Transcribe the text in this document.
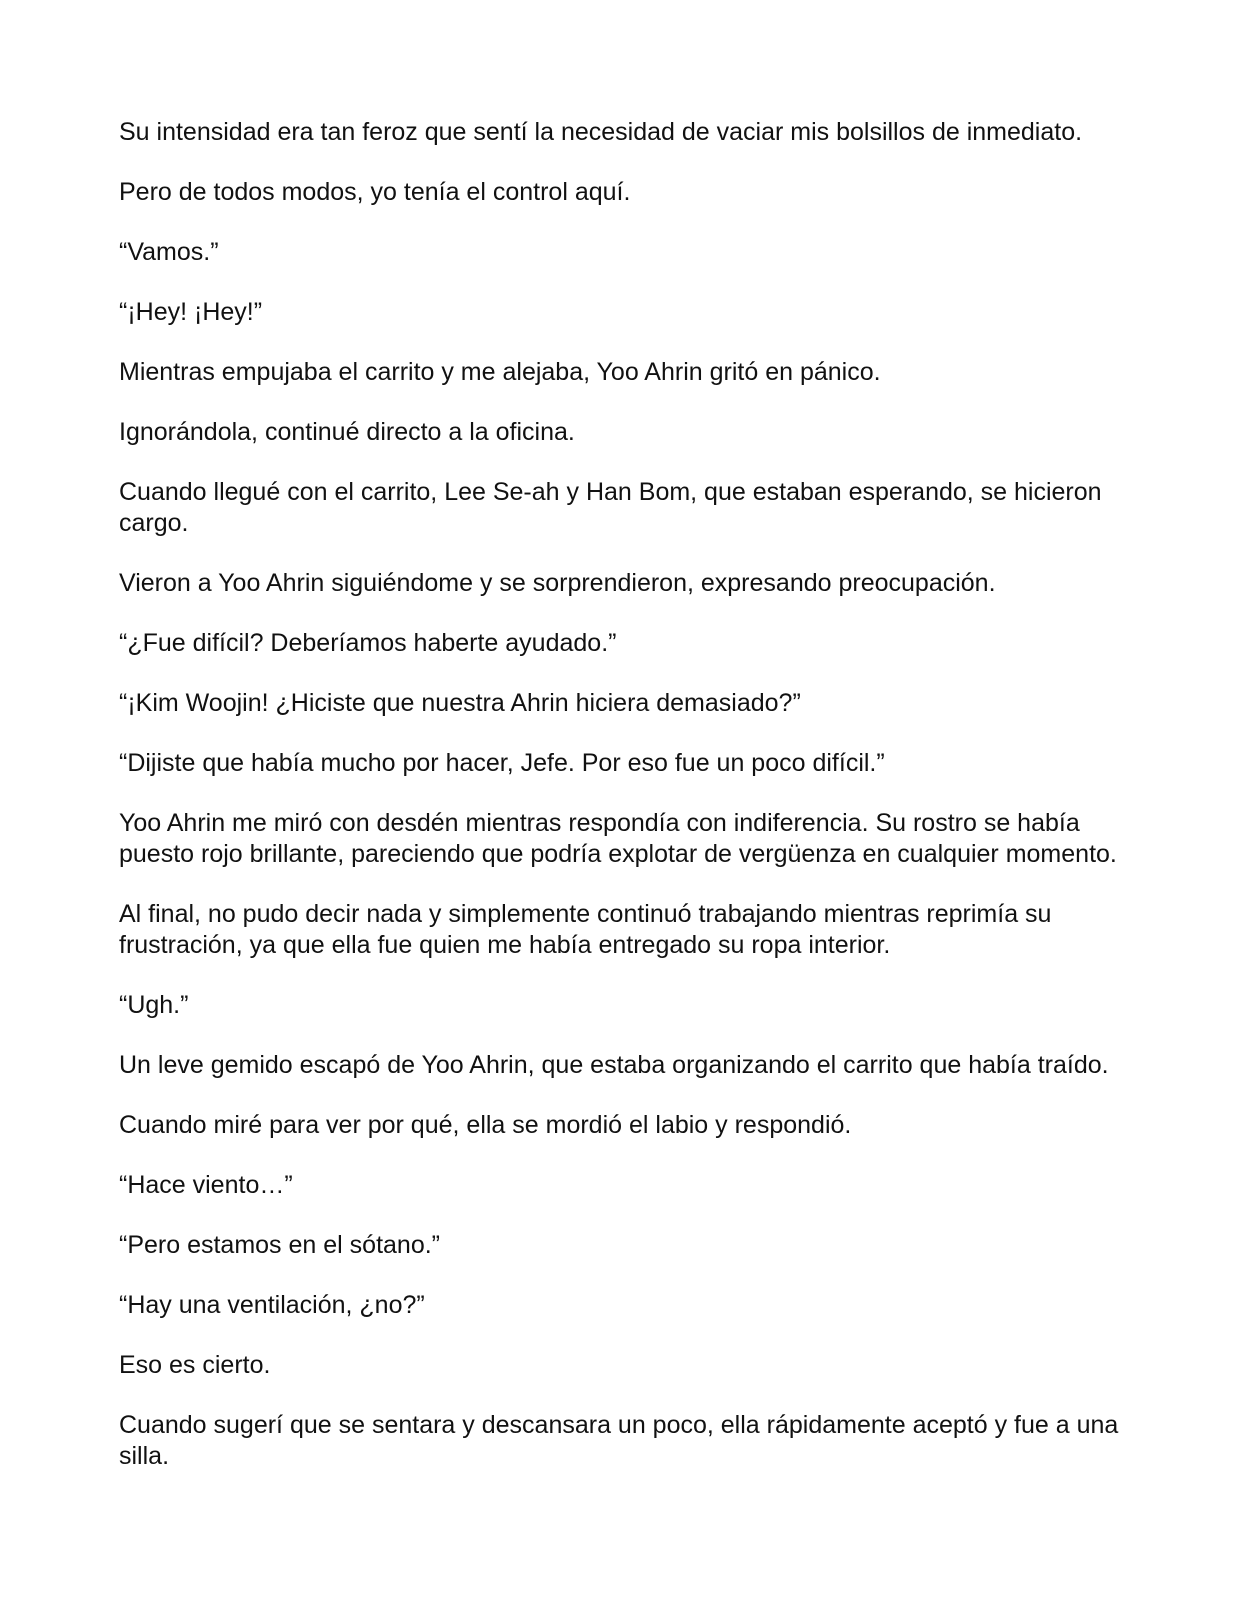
Su intensidad era tan feroz que sentí la necesidad de vaciar mis bolsillos de inmediato.

Pero de todos modos, yo tenía el control aquí.

“Vamos.”

“¡Hey! ¡Hey!”

Mientras empujaba el carrito y me alejaba, Yoo Ahrin gritó en pánico.

Ignorándola, continué directo a la oficina.

Cuando llegué con el carrito, Lee Se-ah y Han Bom, que estaban esperando, se hicieron cargo.

Vieron a Yoo Ahrin siguiéndome y se sorprendieron, expresando preocupación.

“¿Fue difícil? Deberíamos haberte ayudado.”

“¡Kim Woojin! ¿Hiciste que nuestra Ahrin hiciera demasiado?”

“Dijiste que había mucho por hacer, Jefe. Por eso fue un poco difícil.”

Yoo Ahrin me miró con desdén mientras respondía con indiferencia. Su rostro se había puesto rojo brillante, pareciendo que podría explotar de vergüenza en cualquier momento.

Al final, no pudo decir nada y simplemente continuó trabajando mientras reprimía su frustración, ya que ella fue quien me había entregado su ropa interior.

“Ugh.”

Un leve gemido escapó de Yoo Ahrin, que estaba organizando el carrito que había traído.

Cuando miré para ver por qué, ella se mordió el labio y respondió.

“Hace viento…”

“Pero estamos en el sótano.”

“Hay una ventilación, ¿no?”

Eso es cierto.

Cuando sugerí que se sentara y descansara un poco, ella rápidamente aceptó y fue a una silla.
